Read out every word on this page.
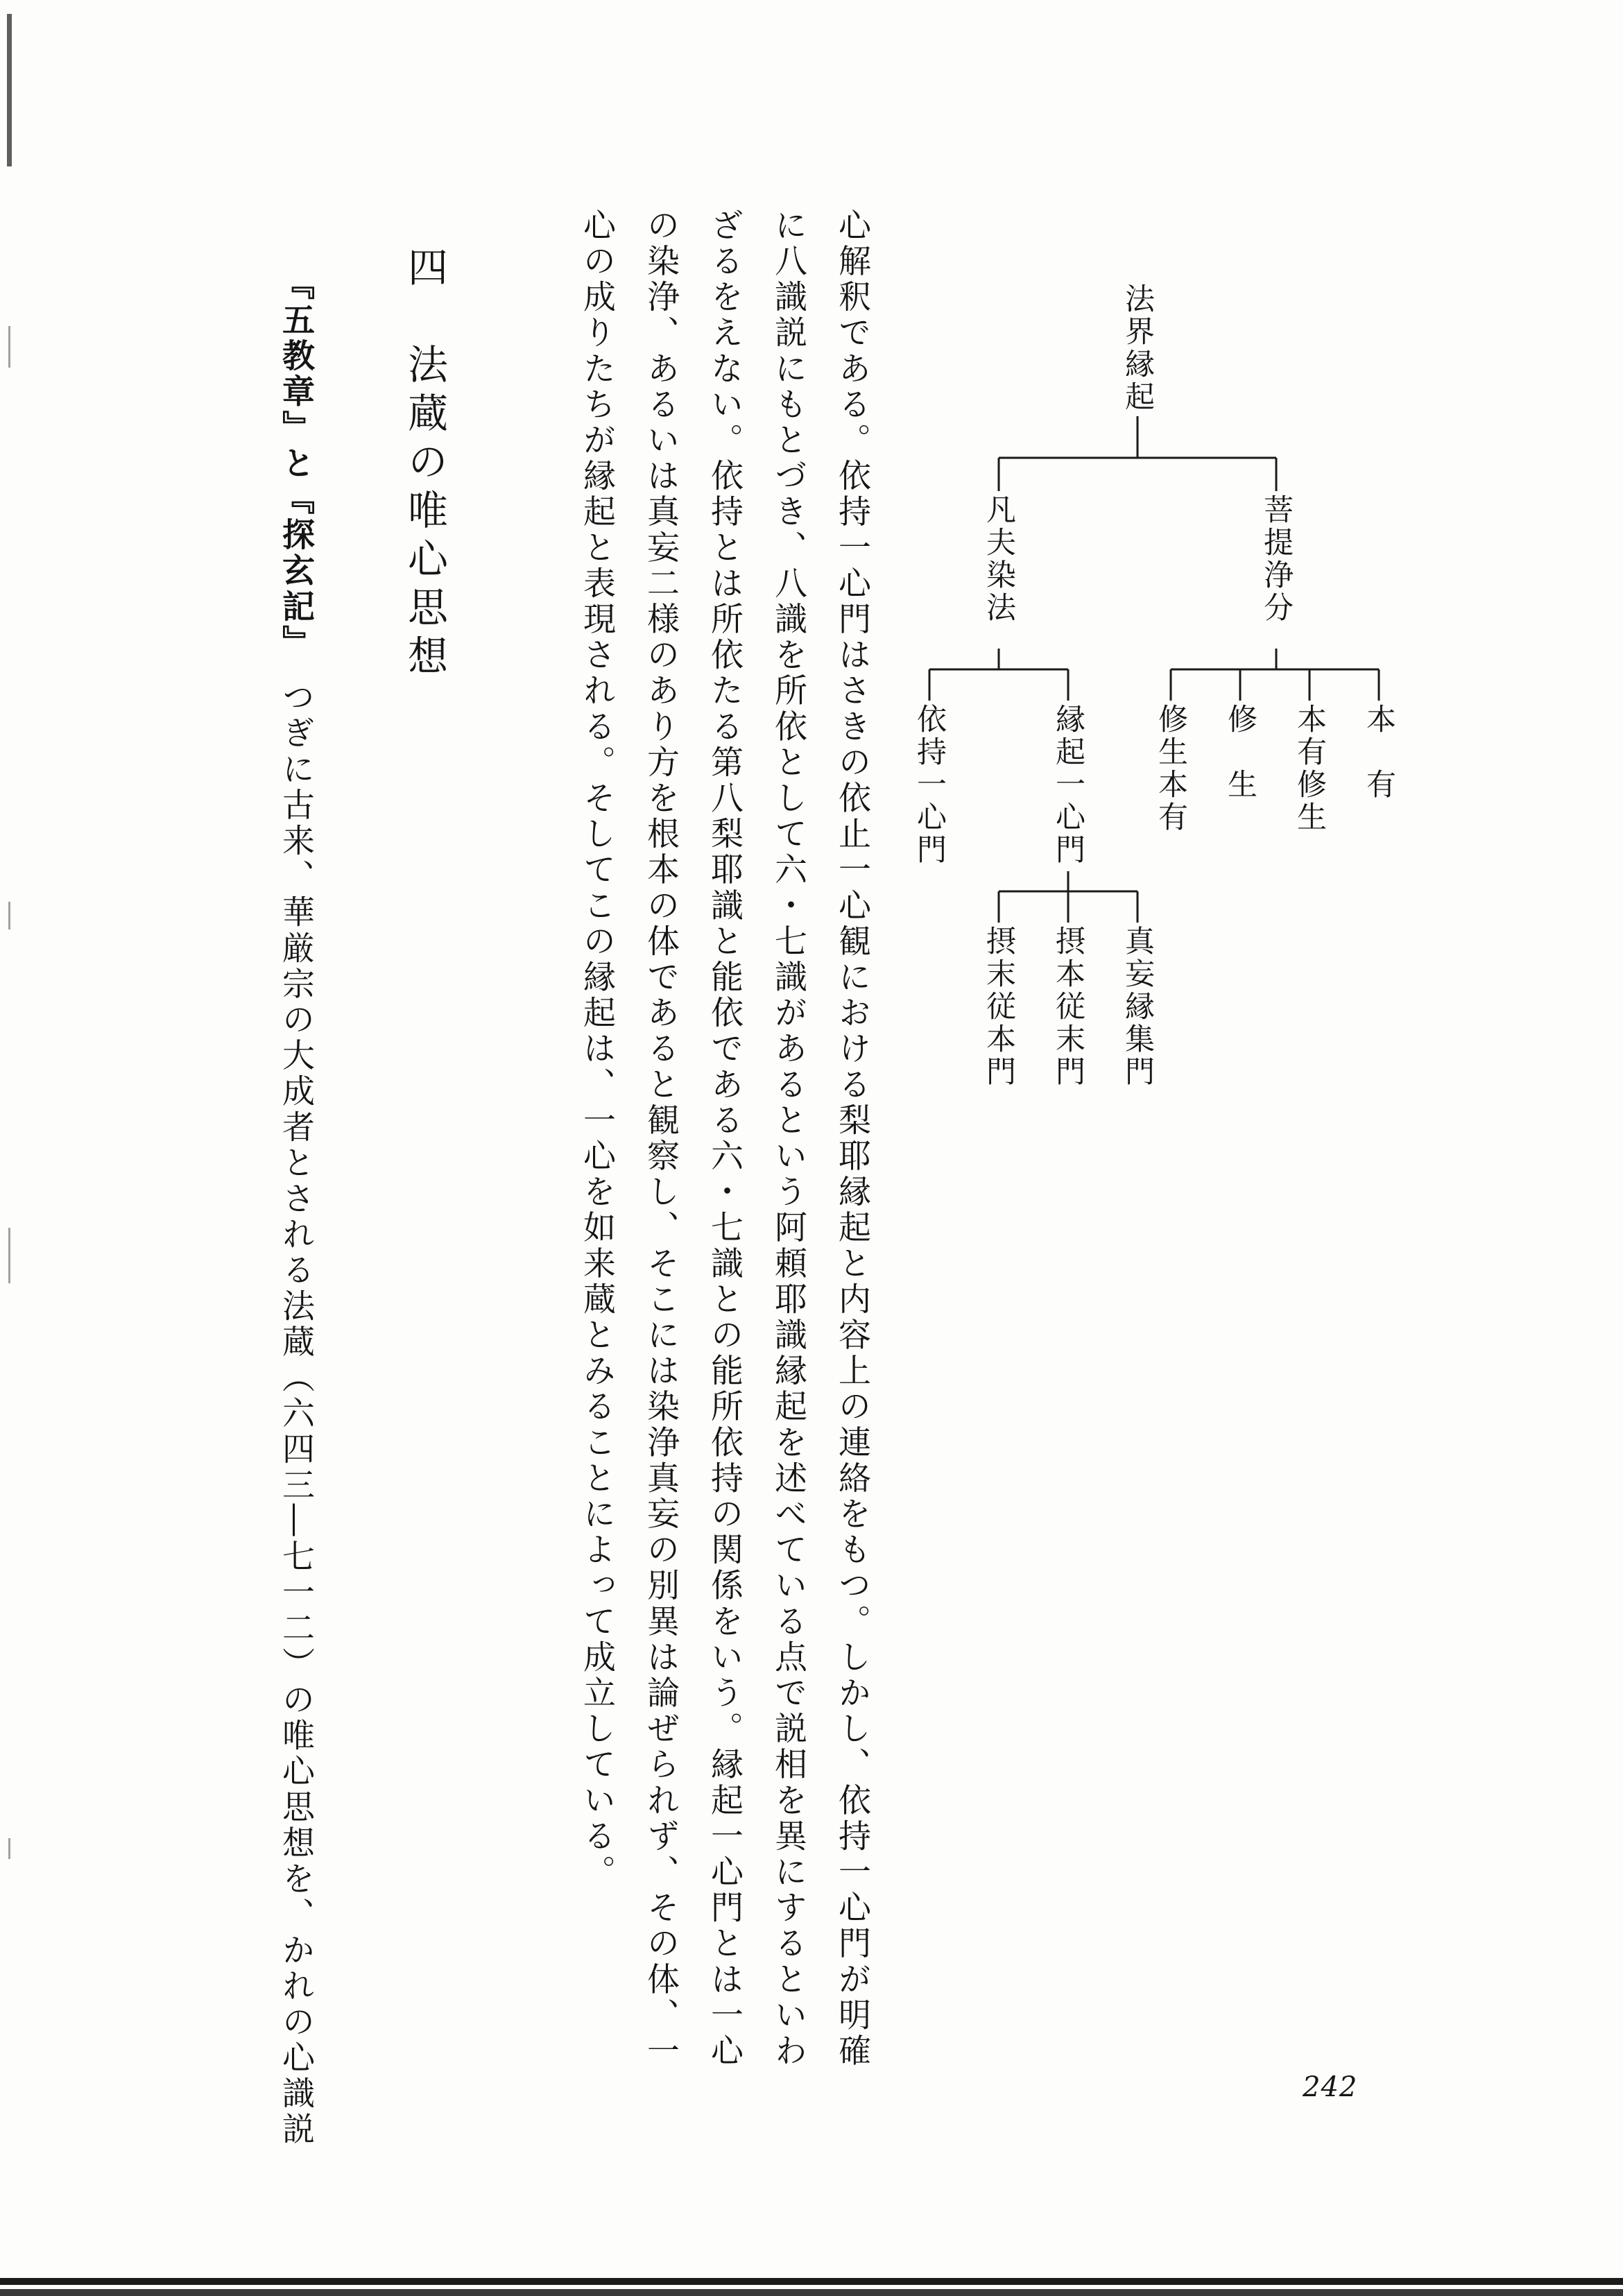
法界縁起
菩提浄分
凡夫染法
本　有
本有修生
修　生
修生本有
縁起一心門
依持一心門
真妄縁集門
摂本従末門
摂末従本門
心解釈である。依持一心門はさきの依止一心観における梨耶縁起と内容上の連絡をもつ。しかし、依持一心門が明確
に八識説にもとづき、八識を所依として六・七識があるという阿頼耶識縁起を述べている点で説相を異にするといわ
ざるをえない。依持とは所依たる第八梨耶識と能依である六・七識との能所依持の関係をいう。縁起一心門とは一心
の染浄、あるいは真妄二様のあり方を根本の体であると観察し、そこには染浄真妄の別異は論ぜられず、その体、一
心の成りたちが縁起と表現される。そしてこの縁起は、一心を如来蔵とみることによって成立している。
四　法蔵の唯心思想
『五教章』と『探玄記』　つぎに古来、華厳宗の大成者とされる法蔵（六四三―七一二）の唯心思想を、かれの心識説	242
